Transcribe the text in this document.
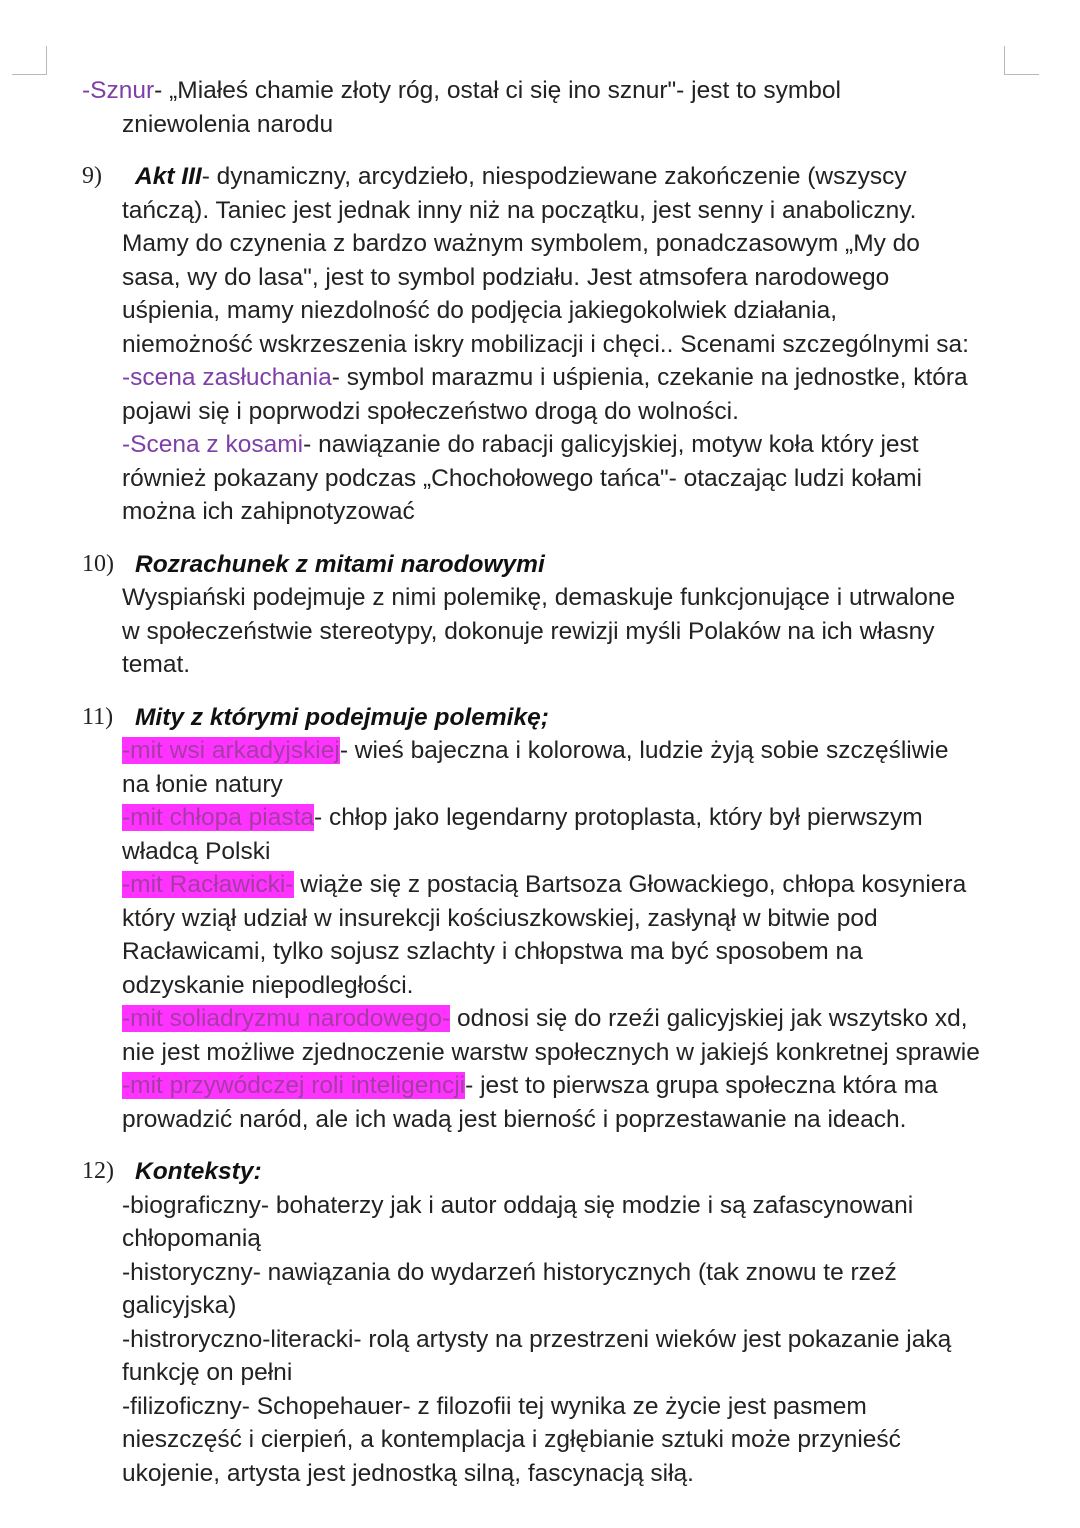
-Sznur- „Miałeś chamie złoty róg, ostał ci się ino sznur"- jest to symbol

zniewolenia narodu

9)	Akt III- dynamiczny, arcydzieło, niespodziewane zakończenie (wszyscy

tańczą). Taniec jest jednak inny niż na początku, jest senny i anaboliczny.

Mamy do czynenia z bardzo ważnym symbolem, ponadczasowym „My do

sasa, wy do lasa", jest to symbol podziału. Jest atmsofera narodowego

uśpienia, mamy niezdolność do podjęcia jakiegokolwiek działania,

niemożność wskrzeszenia iskry mobilizacji i chęci.. Scenami szczególnymi sa:

-scena zasłuchania- symbol marazmu i uśpienia, czekanie na jednostke, która

pojawi się i poprwodzi społeczeństwo drogą do wolności.

-Scena z kosami- nawiązanie do rabacji galicyjskiej, motyw koła który jest

również pokazany podczas „Chochołowego tańca"- otaczając ludzi kołami

można ich zahipnotyzować

10) Rozrachunek z mitami narodowymi

Wyspiański podejmuje z nimi polemikę, demaskuje funkcjonujące i utrwalone

w społeczeństwie stereotypy, dokonuje rewizji myśli Polaków na ich własny

temat.

11) Mity z którymi podejmuje polemikę;

-mit wsi arkadyjskiej- wieś bajeczna i kolorowa, ludzie żyją sobie szczęśliwie

na łonie natury

-mit chłopa piasta- chłop jako legendarny protoplasta, który był pierwszym

władcą Polski

-mit Racławicki- wiąże się z postacią Bartsoza Głowackiego, chłopa kosyniera

który wziął udział w insurekcji kościuszkowskiej, zasłynął w bitwie pod

Racławicami, tylko sojusz szlachty i chłopstwa ma być sposobem na

odzyskanie niepodległości.

-mit soliadryzmu narodowego- odnosi się do rzeźi galicyjskiej jak wszytsko xd,

nie jest możliwe zjednoczenie warstw społecznych w jakiejś konkretnej sprawie

-mit przywódczej roli inteligencji- jest to pierwsza grupa społeczna która ma

prowadzić naród, ale ich wadą jest bierność i poprzestawanie na ideach.

12) Konteksty:

-biograficzny- bohaterzy jak i autor oddają się modzie i są zafascynowani

chłopomanią

-historyczny- nawiązania do wydarzeń historycznych (tak znowu te rzeź

galicyjska)

-histroryczno-literacki- rolą artysty na przestrzeni wieków jest pokazanie jaką

funkcję on pełni

-filizoficzny- Schopehauer- z filozofii tej wynika ze życie jest pasmem

nieszczęść i cierpień, a kontemplacja i zgłębianie sztuki może przynieść

ukojenie, artysta jest jednostką silną, fascynacją siłą.
